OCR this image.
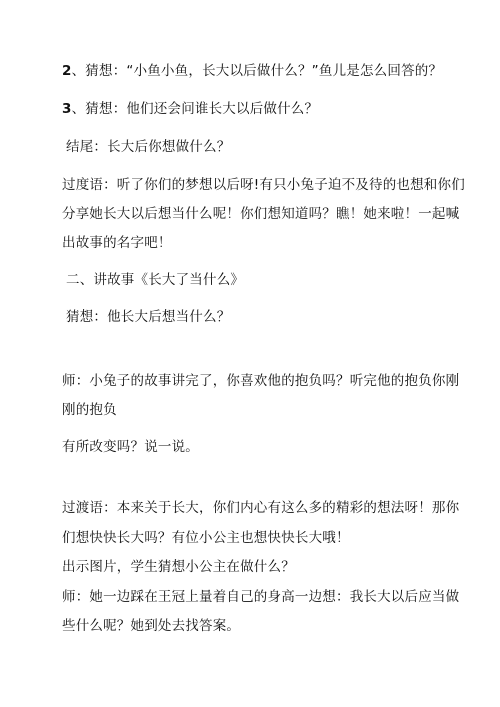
2、猜想：“小鱼小鱼，长大以后做什么？”鱼儿是怎么回答的？
3、猜想：他们还会问谁长大以后做什么？
结尾：长大后你想做什么？
过度语：听了你们的梦想以后呀!有只小兔子迫不及待的也想和你们
分享她长大以后想当什么呢！你们想知道吗？瞧！她来啦！一起喊
出故事的名字吧！
二、讲故事《长大了当什么》
猜想：他长大后想当什么？
师：小兔子的故事讲完了，你喜欢他的抱负吗？听完他的抱负你刚
刚的抱负
有所改变吗？说一说。
过渡语：本来关于长大，你们内心有这么多的精彩的想法呀！那你
们想快快长大吗？有位小公主也想快快长大哦！
出示图片，学生猜想小公主在做什么？
师：她一边踩在王冠上量着自己的身高一边想：我长大以后应当做
些什么呢？她到处去找答案。
